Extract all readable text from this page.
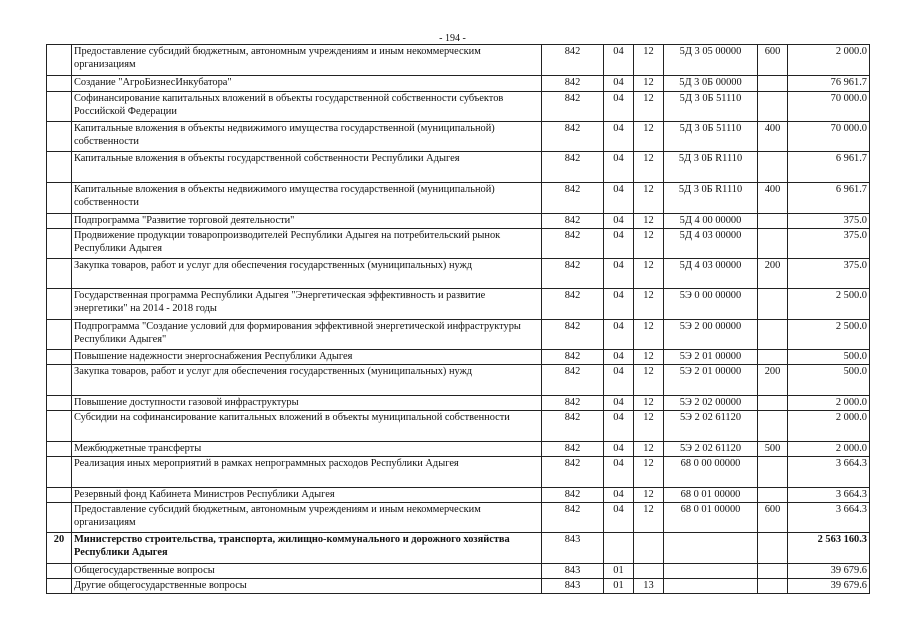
- 194 -
	Предоставление субсидий бюджетным, автономным учреждениям и иным некоммерческим организациям	842	04	12	5Д 3 05 00000	600	2 000.0
	Создание "АгроБизнесИнкубатора"	842	04	12	5Д 3 0Б 00000		76 961.7
	Софинансирование капитальных вложений в объекты государственной собственности субъектов Российской Федерации	842	04	12	5Д 3 0Б 51110		70 000.0
	Капитальные вложения в объекты недвижимого имущества государственной (муниципальной) собственности	842	04	12	5Д 3 0Б 51110	400	70 000.0
	Капитальные вложения в объекты государственной собственности Республики Адыгея	842	04	12	5Д 3 0Б R1110		6 961.7
	Капитальные вложения в объекты недвижимого имущества государственной (муниципальной) собственности	842	04	12	5Д 3 0Б R1110	400	6 961.7
	Подпрограмма "Развитие торговой деятельности"	842	04	12	5Д 4 00 00000		375.0
	Продвижение продукции товаропроизводителей Республики Адыгея на потребительский рынок Республики Адыгея	842	04	12	5Д 4 03 00000		375.0
	Закупка товаров, работ и услуг для обеспечения государственных (муниципальных) нужд	842	04	12	5Д 4 03 00000	200	375.0
	Государственная программа Республики Адыгея "Энергетическая эффективность и развитие энергетики" на 2014 - 2018 годы	842	04	12	5Э 0 00 00000		2 500.0
	Подпрограмма "Создание условий для формирования эффективной энергетической инфраструктуры Республики Адыгея"	842	04	12	5Э 2 00 00000		2 500.0
	Повышение надежности энергоснабжения Республики Адыгея	842	04	12	5Э 2 01 00000		500.0
	Закупка товаров, работ и услуг для обеспечения государственных (муниципальных) нужд	842	04	12	5Э 2 01 00000	200	500.0
	Повышение доступности газовой инфраструктуры	842	04	12	5Э 2 02 00000		2 000.0
	Субсидии на софинансирование капитальных вложений в объекты муниципальной собственности	842	04	12	5Э 2 02 61120		2 000.0
	Межбюджетные трансферты	842	04	12	5Э 2 02 61120	500	2 000.0
	Реализация иных мероприятий в рамках непрограммных расходов Республики Адыгея	842	04	12	68 0 00 00000		3 664.3
	Резервный фонд Кабинета Министров Республики Адыгея	842	04	12	68 0 01 00000		3 664.3
	Предоставление субсидий бюджетным, автономным учреждениям и иным некоммерческим организациям	842	04	12	68 0 01 00000	600	3 664.3
20	Министерство строительства, транспорта, жилищно-коммунального и дорожного хозяйства Республики Адыгея	843					2 563 160.3
	Общегосударственные вопросы	843	01				39 679.6
	Другие общегосударственные вопросы	843	01	13			39 679.6
